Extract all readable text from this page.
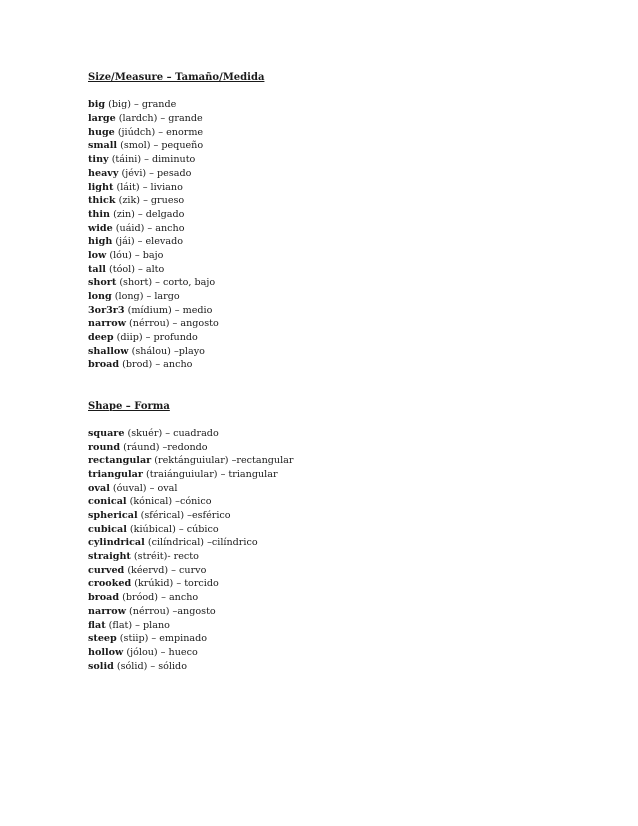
Size/Measure – Tamaño/Medida
big (big) – grande
large (lardch) – grande
huge (jiúdch) – enorme
small (smol) – pequeño
tiny (táini) – diminuto
heavy (jévi) – pesado
light (láit) – liviano
thick (zik) – grueso
thin (zin) – delgado
wide (uáid) – ancho
high (jái) – elevado
low (lóu) – bajo
tall (tóol) – alto
short (short) – corto, bajo
long (long) – largo
3or3r3 (mídium) – medio
narrow (nérrou) – angosto
deep (diip) – profundo
shallow (shálou) –playo
broad (brod) – ancho
Shape – Forma
square (skuér) – cuadrado
round (ráund) –redondo
rectangular (rektánguiular) –rectangular
triangular (traiánguiular) – triangular
oval (óuval) – oval
conical (kónical) –cónico
spherical (sférical) –esférico
cubical (kiúbical) – cúbico
cylindrical (cilíndrical) –cilíndrico
straight (stréit)- recto
curved (kéervd) – curvo
crooked (krúkid) – torcido
broad (bróod) – ancho
narrow (nérrou) –angosto
flat (flat) – plano
steep (stiip) – empinado
hollow (jólou) – hueco
solid (sólid) – sólido
